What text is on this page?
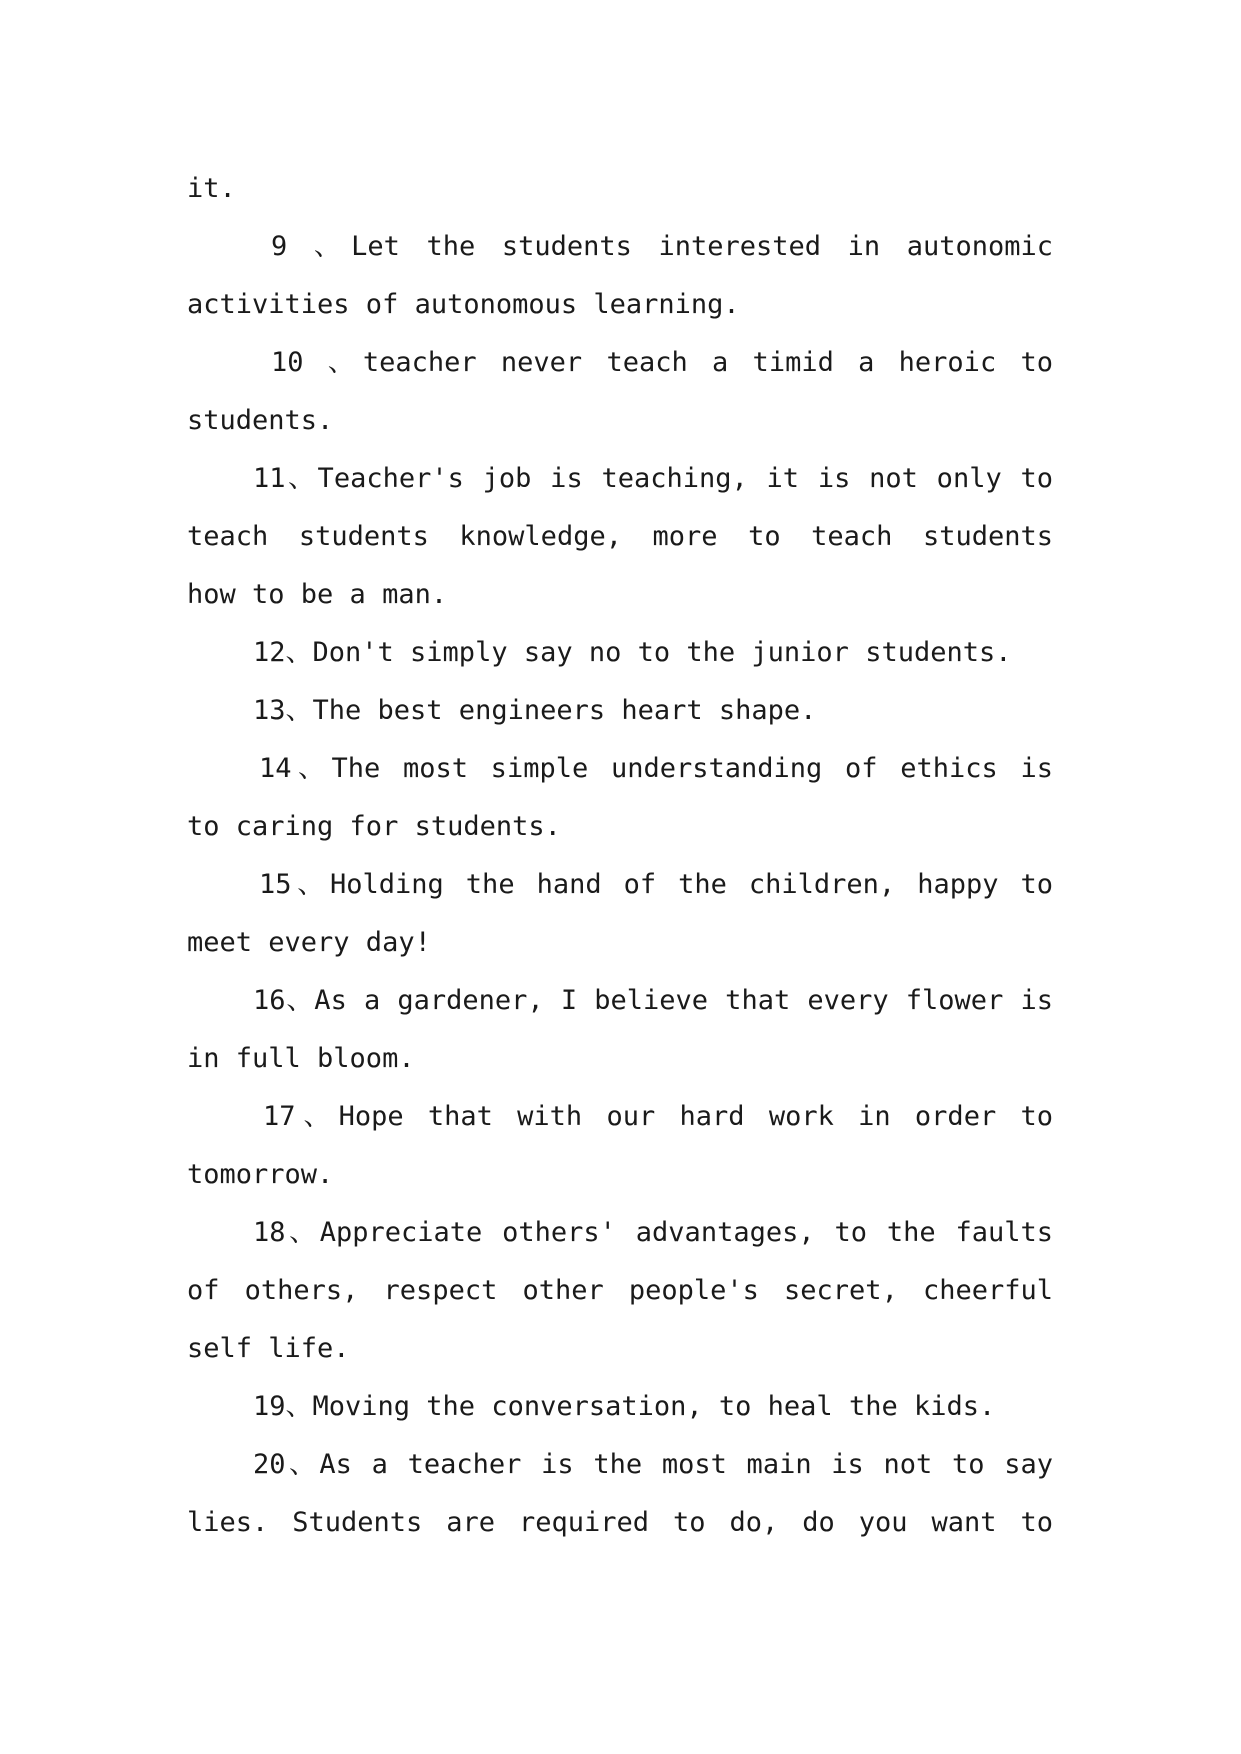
it.
9 、Let the students interested in autonomic
activities of autonomous learning.
10 、teacher never teach a timid a heroic to
students.
11、Teacher's job is teaching, it is not only to
teach students knowledge, more to teach students
how to be a man.
12、Don't simply say no to the junior students.
13、The best engineers heart shape.
14、The most simple understanding of ethics is
to caring for students.
15、Holding the hand of the children, happy to
meet every day!
16、As a gardener, I believe that every flower is
in full bloom.
17、Hope that with our hard work in order to
tomorrow.
18、Appreciate others' advantages, to the faults
of others, respect other people's secret, cheerful
self life.
19、Moving the conversation, to heal the kids.
20、As a teacher is the most main is not to say
lies. Students are required to do, do you want to
